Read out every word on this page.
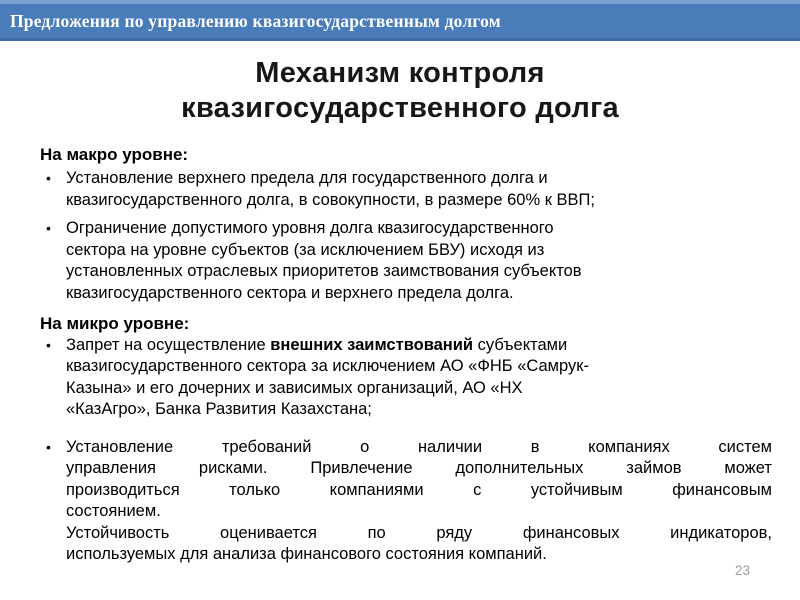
Предложения по управлению квазигосударственным долгом
Механизм контроля
квазигосударственного долга
На макро уровне:
• Установление верхнего предела для государственного долга и
квазигосударственного долга, в совокупности, в размере 60% к ВВП;
• Ограничение допустимого уровня долга квазигосударственного
сектора на уровне субъектов (за исключением БВУ) исходя из
установленных отраслевых приоритетов заимствования субъектов
квазигосударственного сектора и верхнего предела долга.
На микро уровне:
• Запрет на осуществление внешних заимствований субъектами
квазигосударственного сектора за исключением АО «ФНБ «Самрук-
Казына» и его дочерних и зависимых организаций, АО «НХ
«КазАгро», Банка Развития Казахстана;
• Установление требований о наличии в компаниях систем
управления рисками. Привлечение дополнительных займов может
производиться только компаниями с устойчивым финансовым
состоянием.
Устойчивость оценивается по ряду финансовых индикаторов,
используемых для анализа финансового состояния компаний.
23
